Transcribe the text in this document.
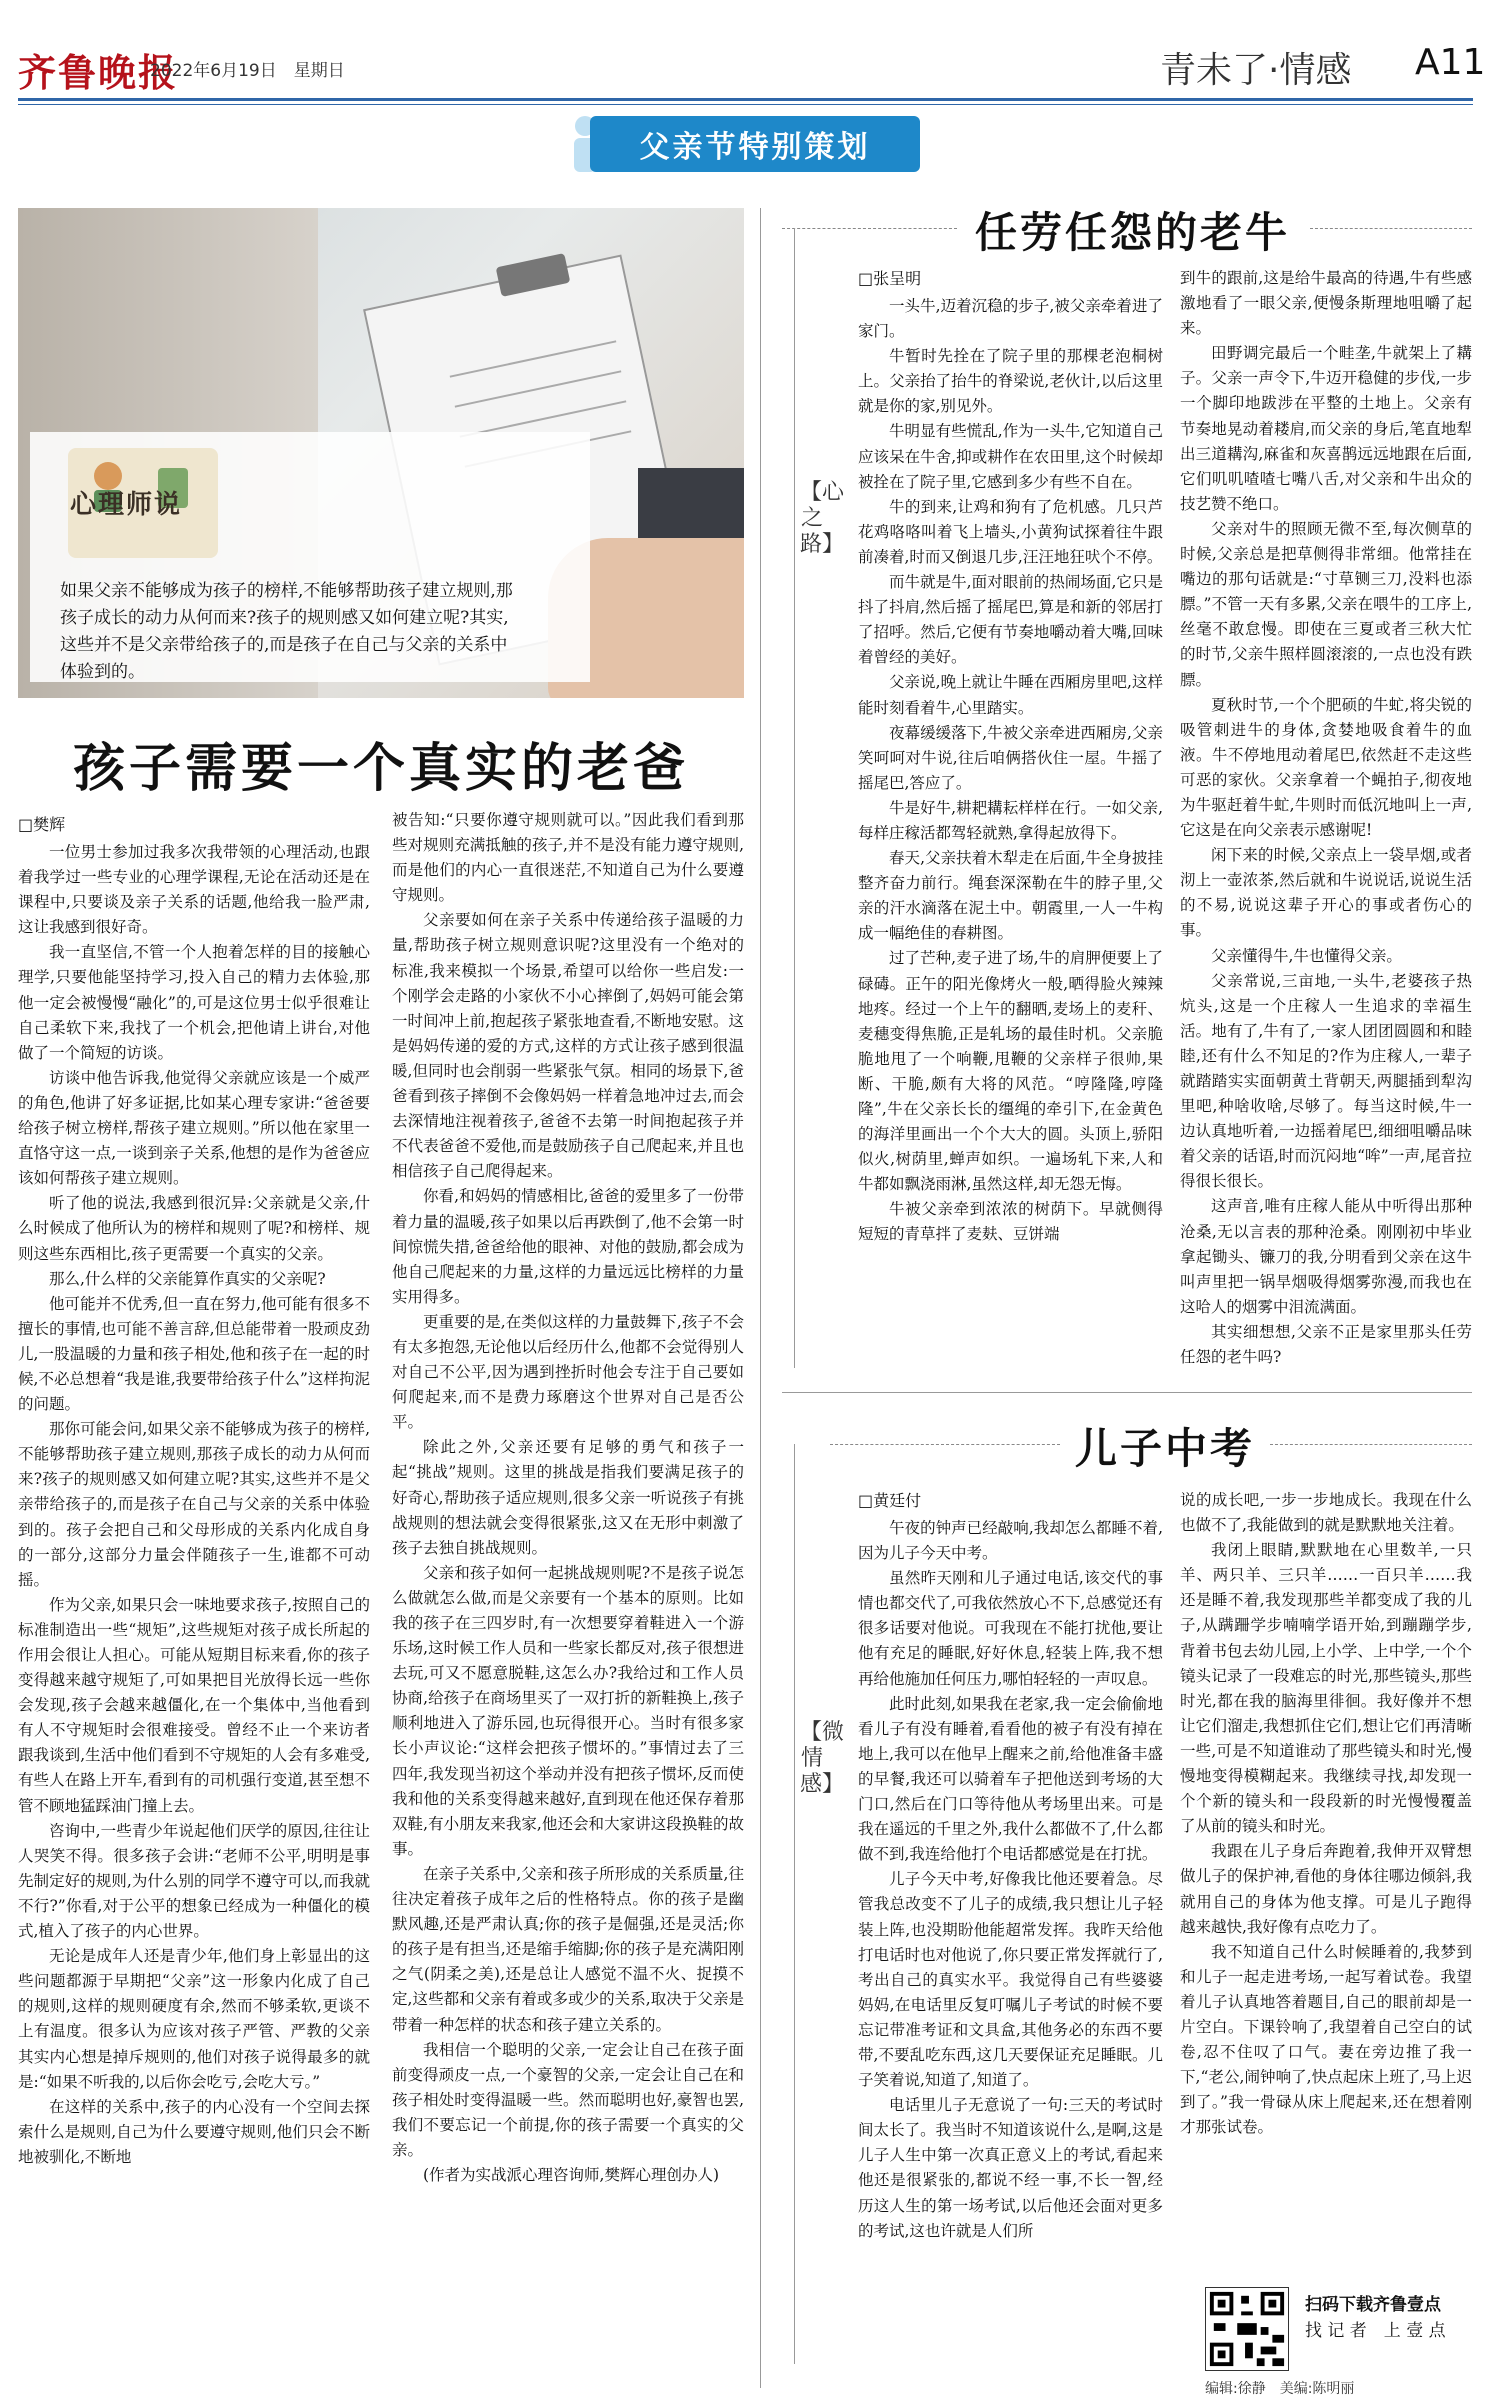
齐鲁晚报
2022年6月19日　星期日	青未了·情感 A11
父亲节特别策划
心理师说
如果父亲不能够成为孩子的榜样,不能够帮助孩子建立规则,那孩子成长的动力从何而来?孩子的规则感又如何建立呢?其实,这些并不是父亲带给孩子的,而是孩子在自己与父亲的关系中体验到的。
孩子需要一个真实的老爸
□樊辉

一位男士参加过我多次我带领的心理活动,也跟着我学过一些专业的心理学课程,无论在活动还是在课程中,只要谈及亲子关系的话题,他给我一脸严肃,这让我感到很好奇。

我一直坚信,不管一个人抱着怎样的目的接触心理学,只要他能坚持学习,投入自己的精力去体验,那他一定会被慢慢“融化”的,可是这位男士似乎很难让自己柔软下来,我找了一个机会,把他请上讲台,对他做了一个简短的访谈。

访谈中他告诉我,他觉得父亲就应该是一个威严的角色,他讲了好多证据,比如某心理专家讲:“爸爸要给孩子树立榜样,帮孩子建立规则。”所以他在家里一直恪守这一点,一谈到亲子关系,他想的是作为爸爸应该如何帮孩子建立规则。

听了他的说法,我感到很沉异:父亲就是父亲,什么时候成了他所认为的榜样和规则了呢?和榜样、规则这些东西相比,孩子更需要一个真实的父亲。

那么,什么样的父亲能算作真实的父亲呢?

他可能并不优秀,但一直在努力,他可能有很多不擅长的事情,也可能不善言辞,但总能带着一股顽皮劲儿,一股温暖的力量和孩子相处,他和孩子在一起的时候,不必总想着“我是谁,我要带给孩子什么”这样拘泥的问题。

那你可能会问,如果父亲不能够成为孩子的榜样,不能够帮助孩子建立规则,那孩子成长的动力从何而来?孩子的规则感又如何建立呢?其实,这些并不是父亲带给孩子的,而是孩子在自己与父亲的关系中体验到的。孩子会把自己和父母形成的关系内化成自身的一部分,这部分力量会伴随孩子一生,谁都不可动摇。

作为父亲,如果只会一味地要求孩子,按照自己的标准制造出一些“规矩”,这些规矩对孩子成长所起的作用会很让人担心。可能从短期目标来看,你的孩子变得越来越守规矩了,可如果把目光放得长远一些你会发现,孩子会越来越僵化,在一个集体中,当他看到有人不守规矩时会很难接受。曾经不止一个来访者跟我谈到,生活中他们看到不守规矩的人会有多难受,有些人在路上开车,看到有的司机强行变道,甚至想不管不顾地猛踩油门撞上去。

咨询中,一些青少年说起他们厌学的原因,往往让人哭笑不得。很多孩子会讲:“老师不公平,明明是事先制定好的规则,为什么别的同学不遵守可以,而我就不行?”你看,对于公平的想象已经成为一种僵化的模式,植入了孩子的内心世界。

无论是成年人还是青少年,他们身上彰显出的这些问题都源于早期把“父亲”这一形象内化成了自己的规则,这样的规则硬度有余,然而不够柔软,更谈不上有温度。很多认为应该对孩子严管、严教的父亲其实内心想是掉斥规则的,他们对孩子说得最多的就是:“如果不听我的,以后你会吃亏,会吃大亏。”

在这样的关系中,孩子的内心没有一个空间去探索什么是规则,自己为什么要遵守规则,他们只会不断地被驯化,不断地

被告知:“只要你遵守规则就可以。”因此我们看到那些对规则充满抵触的孩子,并不是没有能力遵守规则,而是他们的内心一直很迷茫,不知道自己为什么要遵守规则。

父亲要如何在亲子关系中传递给孩子温暖的力量,帮助孩子树立规则意识呢?这里没有一个绝对的标准,我来模拟一个场景,希望可以给你一些启发:一个刚学会走路的小家伙不小心摔倒了,妈妈可能会第一时间冲上前,抱起孩子紧张地查看,不断地安慰。这是妈妈传递的爱的方式,这样的方式让孩子感到很温暖,但同时也会削弱一些紧张气氛。相同的场景下,爸爸看到孩子摔倒不会像妈妈一样着急地冲过去,而会去深情地注视着孩子,爸爸不去第一时间抱起孩子并不代表爸爸不爱他,而是鼓励孩子自己爬起来,并且也相信孩子自己爬得起来。

你看,和妈妈的情感相比,爸爸的爱里多了一份带着力量的温暖,孩子如果以后再跌倒了,他不会第一时间惊慌失措,爸爸给他的眼神、对他的鼓励,都会成为他自己爬起来的力量,这样的力量远远比榜样的力量实用得多。

更重要的是,在类似这样的力量鼓舞下,孩子不会有太多抱怨,无论他以后经历什么,他都不会觉得别人对自己不公平,因为遇到挫折时他会专注于自己要如何爬起来,而不是费力琢磨这个世界对自己是否公平。

除此之外,父亲还要有足够的勇气和孩子一起“挑战”规则。这里的挑战是指我们要满足孩子的好奇心,帮助孩子适应规则,很多父亲一听说孩子有挑战规则的想法就会变得很紧张,这又在无形中刺激了孩子去独自挑战规则。

父亲和孩子如何一起挑战规则呢?不是孩子说怎么做就怎么做,而是父亲要有一个基本的原则。比如我的孩子在三四岁时,有一次想要穿着鞋进入一个游乐场,这时候工作人员和一些家长都反对,孩子很想进去玩,可又不愿意脱鞋,这怎么办?我给过和工作人员协商,给孩子在商场里买了一双打折的新鞋换上,孩子顺利地进入了游乐园,也玩得很开心。当时有很多家长小声议论:“这样会把孩子惯坏的。”事情过去了三四年,我发现当初这个举动并没有把孩子惯坏,反而使我和他的关系变得越来越好,直到现在他还保存着那双鞋,有小朋友来我家,他还会和大家讲这段换鞋的故事。

在亲子关系中,父亲和孩子所形成的关系质量,往往决定着孩子成年之后的性格特点。你的孩子是幽默风趣,还是严肃认真;你的孩子是倔强,还是灵活;你的孩子是有担当,还是缩手缩脚;你的孩子是充满阳刚之气(阴柔之美),还是总让人感觉不温不火、捉摸不定,这些都和父亲有着或多或少的关系,取决于父亲是带着一种怎样的状态和孩子建立关系的。

我相信一个聪明的父亲,一定会让自己在孩子面前变得顽皮一点,一个豪智的父亲,一定会让自己在和孩子相处时变得温暖一些。然而聪明也好,豪智也罢,我们不要忘记一个前提,你的孩子需要一个真实的父亲。

(作者为实战派心理咨询师,樊辉心理创办人)

任劳任怨的老牛
□张呈明
【心之路】

一头牛,迈着沉稳的步子,被父亲牵着进了家门。

牛暂时先拴在了院子里的那棵老泡桐树上。父亲抬了抬牛的脊梁说,老伙计,以后这里就是你的家,别见外。

牛明显有些慌乱,作为一头牛,它知道自己应该呆在牛舍,抑或耕作在农田里,这个时候却被拴在了院子里,它感到多少有些不自在。

牛的到来,让鸡和狗有了危机感。几只芦花鸡咯咯叫着飞上墙头,小黄狗试探着往牛跟前凑着,时而又倒退几步,汪汪地狂吠个不停。

而牛就是牛,面对眼前的热闹场面,它只是抖了抖肩,然后摇了摇尾巴,算是和新的邻居打了招呼。然后,它便有节奏地嚼动着大嘴,回味着曾经的美好。

父亲说,晚上就让牛睡在西厢房里吧,这样能时刻看着牛,心里踏实。

夜幕缓缓落下,牛被父亲牵进西厢房,父亲笑呵呵对牛说,往后咱俩搭伙住一屋。牛摇了摇尾巴,答应了。

牛是好牛,耕耙耩耘样样在行。一如父亲,每样庄稼活都驾轻就熟,拿得起放得下。

春天,父亲扶着木犁走在后面,牛全身披挂整齐奋力前行。绳套深深勒在牛的脖子里,父亲的汗水滴落在泥土中。朝霞里,一人一牛构成一幅绝佳的春耕图。

过了芒种,麦子进了场,牛的肩胛便要上了碌碡。正午的阳光像烤火一般,晒得脸火辣辣地疼。经过一个上午的翻晒,麦场上的麦秆、麦穗变得焦脆,正是轧场的最佳时机。父亲脆脆地甩了一个响鞭,甩鞭的父亲样子很帅,果断、干脆,颇有大将的风范。“哼隆隆,哼隆隆”,牛在父亲长长的缰绳的牵引下,在金黄色的海洋里画出一个个大大的圆。头顶上,骄阳似火,树荫里,蝉声如织。一遍场轧下来,人和牛都如飘浇雨淋,虽然这样,却无怨无悔。

牛被父亲牵到浓浓的树荫下。早就侧得短短的青草拌了麦麸、豆饼端

到牛的跟前,这是给牛最高的待遇,牛有些感激地看了一眼父亲,便慢条斯理地咀嚼了起来。

田野调完最后一个畦垄,牛就架上了耩子。父亲一声令下,牛迈开稳健的步伐,一步一个脚印地跋涉在平整的土地上。父亲有节奏地晃动着耧肩,而父亲的身后,笔直地犁出三道耩沟,麻雀和灰喜鹊远远地跟在后面,它们叽叽喳喳七嘴八舌,对父亲和牛出众的技艺赞不绝口。

父亲对牛的照顾无微不至,每次侧草的时候,父亲总是把草侧得非常细。他常挂在嘴边的那句话就是:“寸草铡三刀,没料也添膘。”不管一天有多累,父亲在喂牛的工序上,丝毫不敢怠慢。即使在三夏或者三秋大忙的时节,父亲牛照样圆滚滚的,一点也没有跌膘。

夏秋时节,一个个肥硕的牛虻,将尖锐的吸管刺进牛的身体,贪婪地吸食着牛的血液。牛不停地甩动着尾巴,依然赶不走这些可恶的家伙。父亲拿着一个蝇拍子,彻夜地为牛驱赶着牛虻,牛则时而低沉地叫上一声,它这是在向父亲表示感谢呢!

闲下来的时候,父亲点上一袋旱烟,或者沏上一壶浓茶,然后就和牛说说话,说说生活的不易,说说这辈子开心的事或者伤心的事。

父亲懂得牛,牛也懂得父亲。

父亲常说,三亩地,一头牛,老婆孩子热炕头,这是一个庄稼人一生追求的幸福生活。地有了,牛有了,一家人团团圆圆和和睦睦,还有什么不知足的?作为庄稼人,一辈子就踏踏实实面朝黄土背朝天,两腿插到犁沟里吧,种啥收啥,尽够了。每当这时候,牛一边认真地听着,一边摇着尾巴,细细咀嚼品味着父亲的话语,时而沉闷地“哞”一声,尾音拉得很长很长。

这声音,唯有庄稼人能从中听得出那种沧桑,无以言表的那种沧桑。刚刚初中毕业拿起锄头、镰刀的我,分明看到父亲在这牛叫声里把一锅旱烟吸得烟雾弥漫,而我也在这哈人的烟雾中泪流满面。

其实细想想,父亲不正是家里那头任劳任怨的老牛吗?

儿子中考
□黄廷付
【微情感】

午夜的钟声已经敲响,我却怎么都睡不着,因为儿子今天中考。

虽然昨天刚和儿子通过电话,该交代的事情也都交代了,可我依然放心不下,总感觉还有很多话要对他说。可我现在不能打扰他,要让他有充足的睡眠,好好休息,轻装上阵,我不想再给他施加任何压力,哪怕轻轻的一声叹息。

此时此刻,如果我在老家,我一定会偷偷地看儿子有没有睡着,看看他的被子有没有掉在地上,我可以在他早上醒来之前,给他准备丰盛的早餐,我还可以骑着车子把他送到考场的大门口,然后在门口等待他从考场里出来。可是我在遥远的千里之外,我什么都做不了,什么都做不到,我连给他打个电话都感觉是在打扰。

儿子今天中考,好像我比他还要着急。尽管我总改变不了儿子的成绩,我只想让儿子轻装上阵,也没期盼他能超常发挥。我昨天给他打电话时也对他说了,你只要正常发挥就行了,考出自己的真实水平。我觉得自己有些婆婆妈妈,在电话里反复叮嘱儿子考试的时候不要忘记带准考证和文具盒,其他务必的东西不要带,不要乱吃东西,这几天要保证充足睡眠。儿子笑着说,知道了,知道了。

电话里儿子无意说了一句:三天的考试时间太长了。我当时不知道该说什么,是啊,这是儿子人生中第一次真正意义上的考试,看起来他还是很紧张的,都说不经一事,不长一智,经历这人生的第一场考试,以后他还会面对更多的考试,这也许就是人们所

说的成长吧,一步一步地成长。我现在什么也做不了,我能做到的就是默默地关注着。

我闭上眼睛,默默地在心里数羊,一只羊、两只羊、三只羊……一百只羊……我还是睡不着,我发现那些羊都变成了我的儿子,从蹒跚学步喃喃学语开始,到蹦蹦学步,背着书包去幼儿园,上小学、上中学,一个个镜头记录了一段难忘的时光,那些镜头,那些时光,都在我的脑海里徘徊。我好像并不想让它们溜走,我想抓住它们,想让它们再清晰一些,可是不知道谁动了那些镜头和时光,慢慢地变得模糊起来。我继续寻找,却发现一个个新的镜头和一段段新的时光慢慢覆盖了从前的镜头和时光。

我跟在儿子身后奔跑着,我伸开双臂想做儿子的保护神,看他的身体往哪边倾斜,我就用自己的身体为他支撑。可是儿子跑得越来越快,我好像有点吃力了。

我不知道自己什么时候睡着的,我梦到和儿子一起走进考场,一起写着试卷。我望着儿子认真地答着题目,自己的眼前却是一片空白。下课铃响了,我望着自己空白的试卷,忍不住叹了口气。妻在旁边推了我一下,“老公,闹钟响了,快点起床上班了,马上迟到了。”我一骨碌从床上爬起来,还在想着刚才那张试卷。

扫码下载齐鲁壹点
找 记 者　上 壹 点
编辑:徐静　美编:陈明丽
